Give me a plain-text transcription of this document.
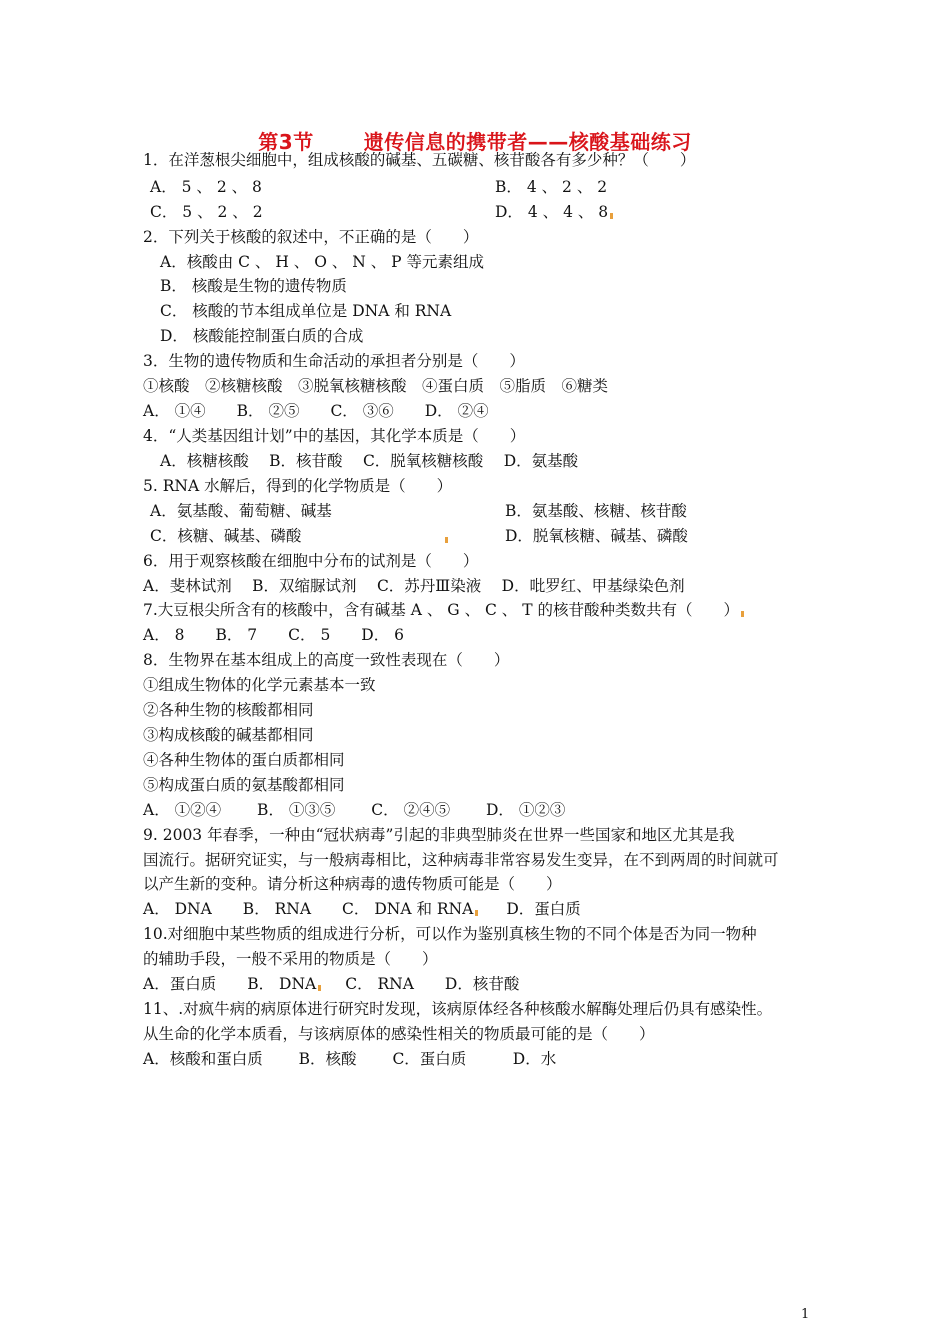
第3节	遗传信息的携带者——核酸基础练习
1．在洋葱根尖细胞中，组成核酸的碱基、五碳糖、核苷酸各有多少种？（　　）
A． 5 、 2 、 8	B． 4 、 2 、 2
C． 5 、 2 、 2	D． 4 、 4 、 8
2．下列关于核酸的叙述中，不正确的是（　　）
A．核酸由 C 、 H 、 O 、 N 、 P 等元素组成
B． 核酸是生物的遗传物质
C． 核酸的节本组成单位是 DNA 和 RNA
D． 核酸能控制蛋白质的合成
3．生物的遗传物质和生命活动的承担者分别是（　　）
①核酸　②核糖核酸　③脱氧核糖核酸　④蛋白质　⑤脂质　⑥糖类
A． ①④　　B． ②⑤　　C． ③⑥　　D． ②④
4．“人类基因组计划”中的基因，其化学本质是（　　）
A．核糖核酸　 B．核苷酸　 C．脱氧核糖核酸　 D．氨基酸
5. RNA 水解后，得到的化学物质是（　　）
A．氨基酸、葡萄糖、碱基	B．氨基酸、核糖、核苷酸
C．核糖、碱基、磷酸	D．脱氧核糖、碱基、磷酸
6．用于观察核酸在细胞中分布的试剂是（　　）
A．斐林试剂　 B．双缩脲试剂　 C．苏丹Ⅲ染液　 D．吡罗红、甲基绿染色剂
7.大豆根尖所含有的核酸中，含有碱基 A 、 G 、 C 、 T 的核苷酸种类数共有（　　）
A． 8　　B． 7　　C． 5　　D． 6
8．生物界在基本组成上的高度一致性表现在（　　）
①组成生物体的化学元素基本一致
②各种生物的核酸都相同
③构成核酸的碱基都相同
④各种生物体的蛋白质都相同
⑤构成蛋白质的氨基酸都相同
A． ①②④　　 B． ①③⑤　　 C． ②④⑤　　 D． ①②③
9. 2003 年春季，一种由“冠状病毒”引起的非典型肺炎在世界一些国家和地区尤其是我
国流行。据研究证实，与一般病毒相比，这种病毒非常容易发生变异，在不到两周的时间就可
以产生新的变种。请分析这种病毒的遗传物质可能是（　　）
A． DNA　　B． RNA　　C． DNA 和 RNA D．蛋白质
10.对细胞中某些物质的组成进行分析，可以作为鉴别真核生物的不同个体是否为同一物种
的辅助手段，一般不采用的物质是（　　）
A．蛋白质　　B． DNA C． RNA　　D．核苷酸
11、.对疯牛病的病原体进行研究时发现，该病原体经各种核酸水解酶处理后仍具有感染性。
从生命的化学本质看，与该病原体的感染性相关的物质最可能的是（　　）
A．核酸和蛋白质　　 B．核酸　　 C．蛋白质　　　D．水
1
